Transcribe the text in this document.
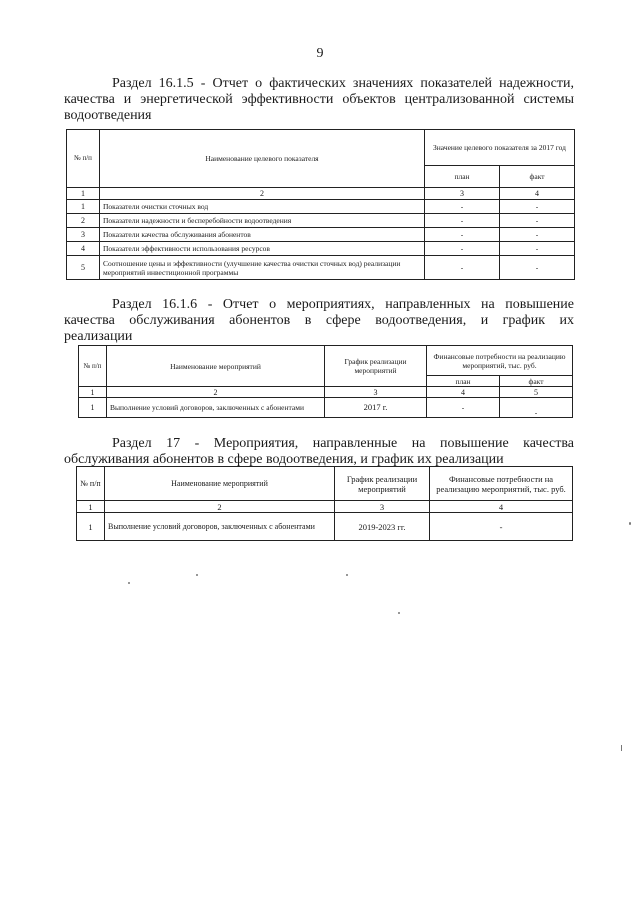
9
Раздел 16.1.5 - Отчет о фактических значениях показателей надежности,
качества и энергетической эффективности объектов централизованной системы
водоотведения
№ п/п	Наименование целевого показателя	Значение целевого показателя за 2017 год	
		план	факт
1	2	3	4
1	Показатели очистки сточных вод	-	-
2	Показатели надежности и бесперебойности водоотведения	-	-
3	Показатели качества обслуживания абонентов	-	-
4	Показатели эффективности использования ресурсов	-	-
5	Соотношение цены и эффективности (улучшение качества очистки сточных вод) реализации мероприятий инвестиционной программы	-	-
Раздел 16.1.6 - Отчет о мероприятиях, направленных на повышение
качества обслуживания абонентов в сфере водоотведения, и график их
реализации
№ п/п	Наименование мероприятий	График реализации мероприятий	Финансовые потребности на реализацию мероприятий, тыс. руб.	
			план	факт
1	2	3	4	5
1	Выполнение условий договоров, заключенных с абонентами	2017 г.	-	-
Раздел 17 - Мероприятия, направленные на повышение качества
обслуживания абонентов в сфере водоотведения, и график их реализации
№ п/п	Наименование мероприятий	График реализации мероприятий	Финансовые потребности на реализацию мероприятий, тыс. руб.
1	2	3	4
1	Выполнение условий договоров, заключенных с абонентами	2019-2023 гг.	-
